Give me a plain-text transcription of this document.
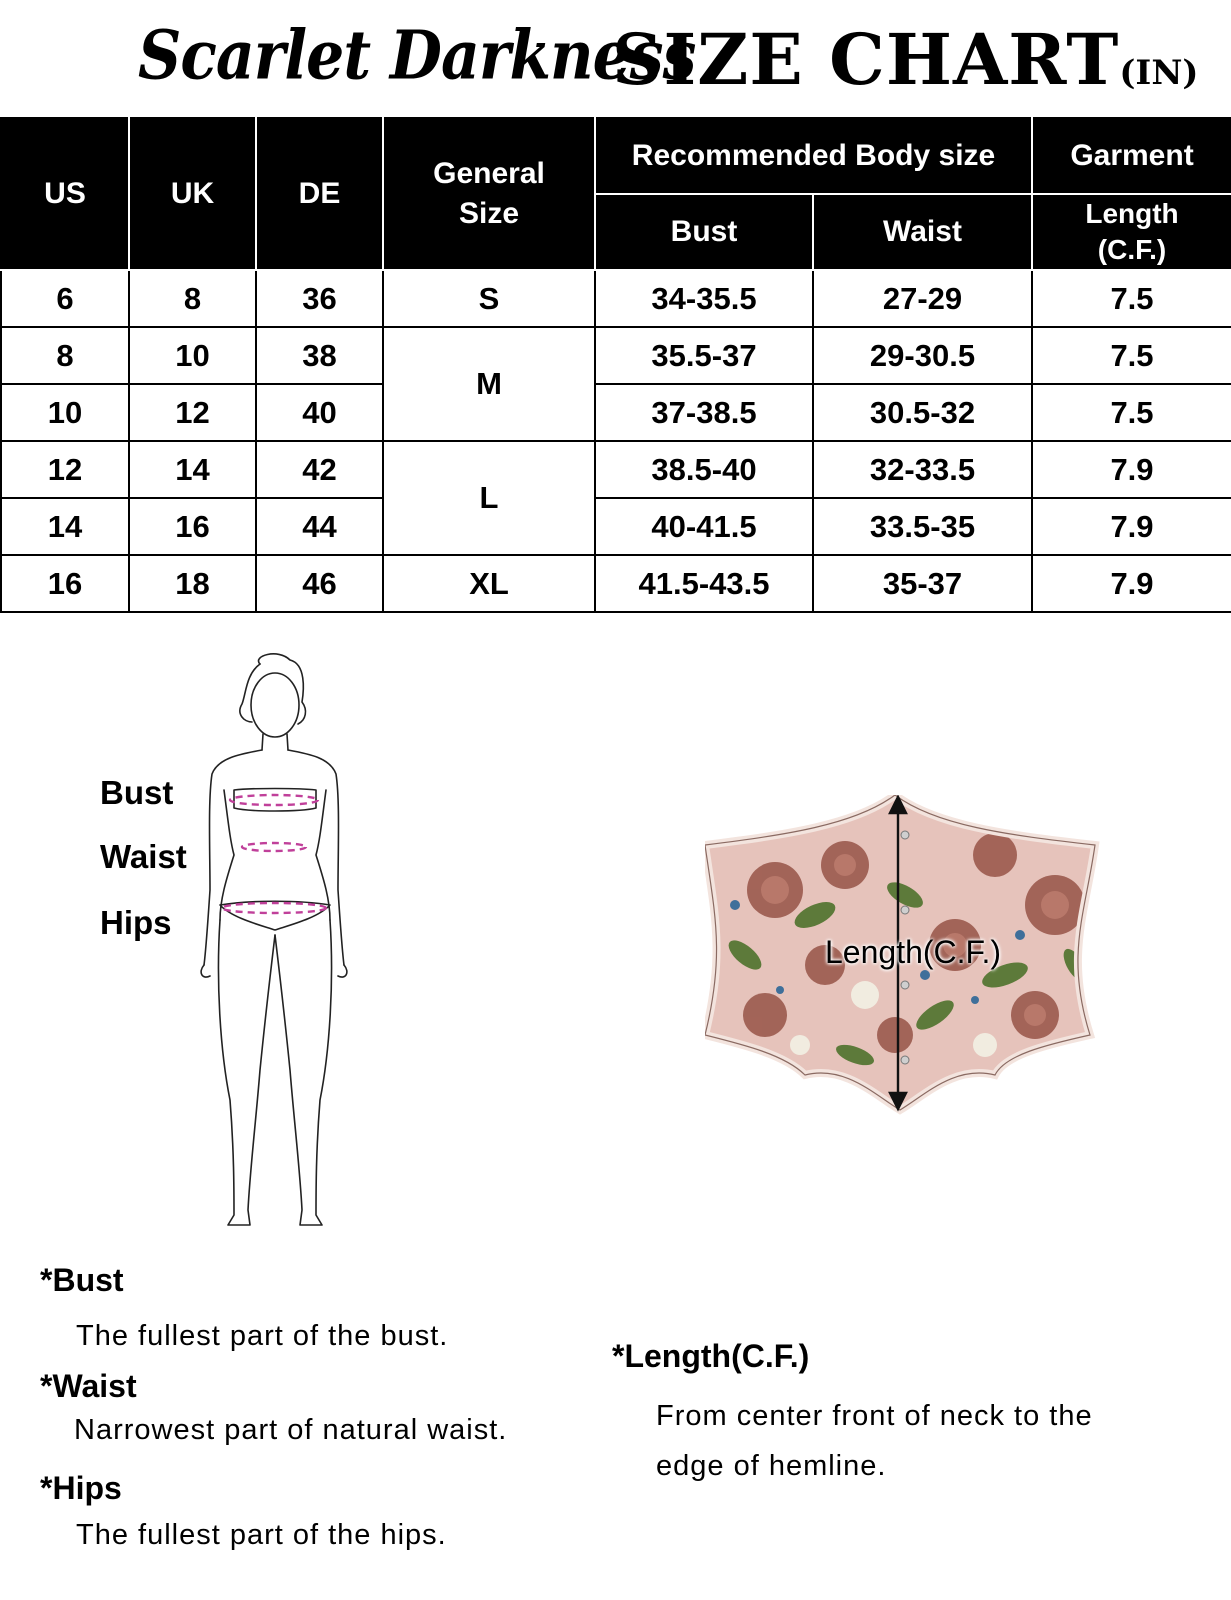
Scarlet Darkness
SIZE CHART(IN)
US	UK	DE	General Size	Recommended Body size		Garment
				Bust	Waist	Length (C.F.)
6	8	36	S	34-35.5	27-29	7.5
8	10	38	M	35.5-37	29-30.5	7.5
10	12	40		37-38.5	30.5-32	7.5
12	14	42	L	38.5-40	32-33.5	7.9
14	16	44		40-41.5	33.5-35	7.9
16	18	46	XL	41.5-43.5	35-37	7.9
Bust
Waist
Hips
Length(C.F.)
*Bust
The fullest part of the bust.
*Waist
Narrowest part of natural waist.
*Hips
The fullest part of the hips.
*Length(C.F.)
From center front of neck to the
edge of hemline.
